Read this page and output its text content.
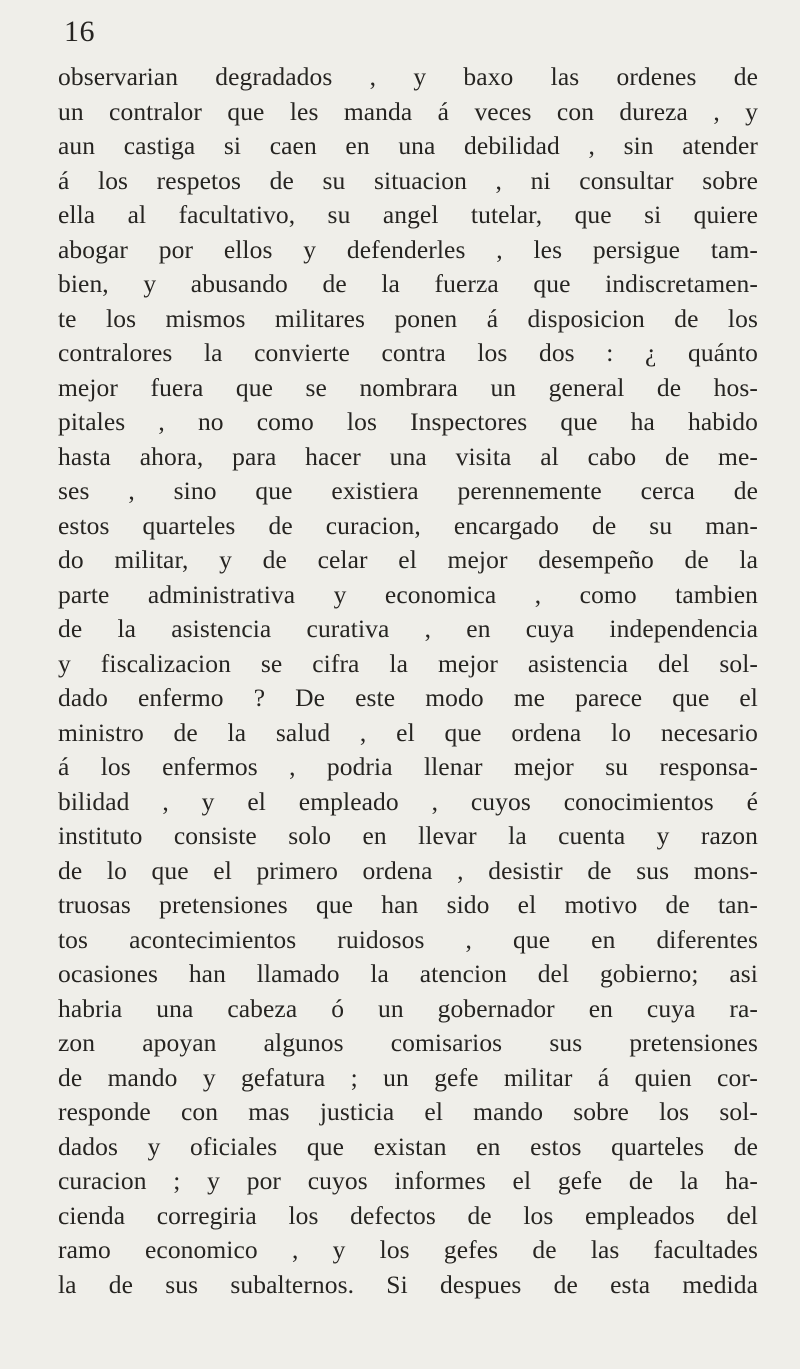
16
observarian degradados , y baxo las ordenes de
un contralor que les manda á veces con dureza , y
aun castiga si caen en una debilidad , sin atender
á los respetos de su situacion , ni consultar sobre
ella al facultativo, su angel tutelar, que si quiere
abogar por ellos y defenderles , les persigue tam-
bien, y abusando de la fuerza que indiscretamen-
te los mismos militares ponen á disposicion de los
contralores la convierte contra los dos : ¿ quánto
mejor fuera que se nombrara un general de hos-
pitales , no como los Inspectores que ha habido
hasta ahora, para hacer una visita al cabo de me-
ses , sino que existiera perennemente cerca de
estos quarteles de curacion, encargado de su man-
do militar, y de celar el mejor desempeño de la
parte administrativa y economica , como tambien
de la asistencia curativa , en cuya independencia
y fiscalizacion se cifra la mejor asistencia del sol-
dado enfermo ? De este modo me parece que el
ministro de la salud , el que ordena lo necesario
á los enfermos , podria llenar mejor su responsa-
bilidad , y el empleado , cuyos conocimientos é
instituto consiste solo en llevar la cuenta y razon
de lo que el primero ordena , desistir de sus mons-
truosas pretensiones que han sido el motivo de tan-
tos acontecimientos ruidosos , que en diferentes
ocasiones han llamado la atencion del gobierno; asi
habria una cabeza ó un gobernador en cuya ra-
zon apoyan algunos comisarios sus pretensiones
de mando y gefatura ; un gefe militar á quien cor-
responde con mas justicia el mando sobre los sol-
dados y oficiales que existan en estos quarteles de
curacion ; y por cuyos informes el gefe de la ha-
cienda corregiria los defectos de los empleados del
ramo economico , y los gefes de las facultades
la de sus subalternos. Si despues de esta medida
